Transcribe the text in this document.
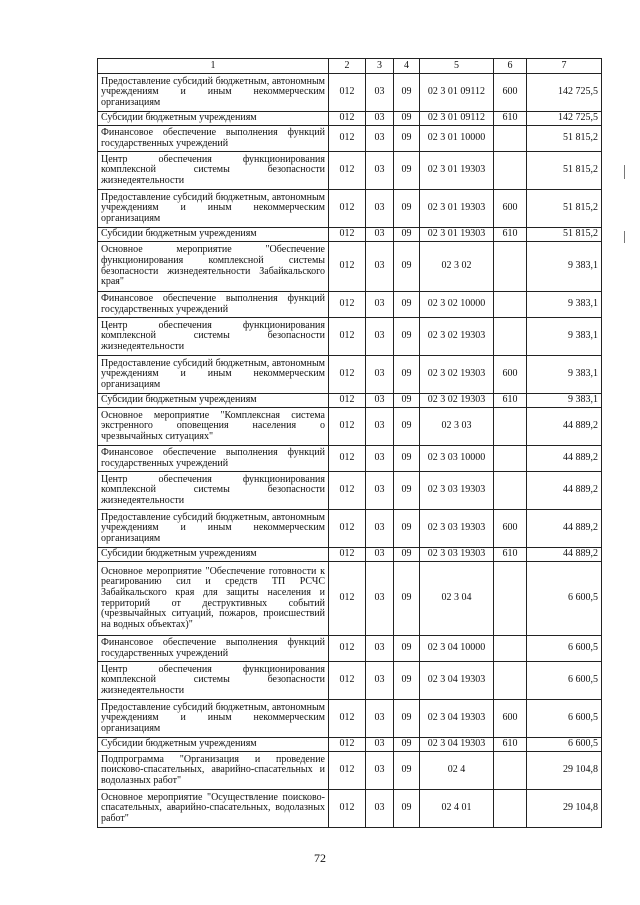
1	2	3	4	5	6	7
Предоставление субсидий бюджетным, автономным учреждениям и иным некоммерческим организациям	012	03	09	02 3 01 09112	600	142 725,5
Субсидии бюджетным учреждениям	012	03	09	02 3 01 09112	610	142 725,5
Финансовое обеспечение выполнения функций государственных учреждений	012	03	09	02 3 01 10000		51 815,2
Центр обеспечения функционирования комплексной системы безопасности жизнедеятельности	012	03	09	02 3 01 19303		51 815,2
Предоставление субсидий бюджетным, автономным учреждениям и иным некоммерческим организациям	012	03	09	02 3 01 19303	600	51 815,2
Субсидии бюджетным учреждениям	012	03	09	02 3 01 19303	610	51 815,2
Основное мероприятие "Обеспечение функционирования комплексной системы безопасности жизнедеятельности Забайкальского края"	012	03	09	02 3 02		9 383,1
Финансовое обеспечение выполнения функций государственных учреждений	012	03	09	02 3 02 10000		9 383,1
Центр обеспечения функционирования комплексной системы безопасности жизнедеятельности	012	03	09	02 3 02 19303		9 383,1
Предоставление субсидий бюджетным, автономным учреждениям и иным некоммерческим организациям	012	03	09	02 3 02 19303	600	9 383,1
Субсидии бюджетным учреждениям	012	03	09	02 3 02 19303	610	9 383,1
Основное мероприятие "Комплексная система экстренного оповещения населения о чрезвычайных ситуациях"	012	03	09	02 3 03		44 889,2
Финансовое обеспечение выполнения функций государственных учреждений	012	03	09	02 3 03 10000		44 889,2
Центр обеспечения функционирования комплексной системы безопасности жизнедеятельности	012	03	09	02 3 03 19303		44 889,2
Предоставление субсидий бюджетным, автономным учреждениям и иным некоммерческим организациям	012	03	09	02 3 03 19303	600	44 889,2
Субсидии бюджетным учреждениям	012	03	09	02 3 03 19303	610	44 889,2
Основное мероприятие "Обеспечение готовности к реагированию сил и средств ТП РСЧС Забайкальского края для защиты населения и территорий от деструктивных событий (чрезвычайных ситуаций, пожаров, происшествий на водных объектах)"	012	03	09	02 3 04		6 600,5
Финансовое обеспечение выполнения функций государственных учреждений	012	03	09	02 3 04 10000		6 600,5
Центр обеспечения функционирования комплексной системы безопасности жизнедеятельности	012	03	09	02 3 04 19303		6 600,5
Предоставление субсидий бюджетным, автономным учреждениям и иным некоммерческим организациям	012	03	09	02 3 04 19303	600	6 600,5
Субсидии бюджетным учреждениям	012	03	09	02 3 04 19303	610	6 600,5
Подпрограмма "Организация и проведение поисково-спасательных, аварийно-спасательных и водолазных работ"	012	03	09	02 4		29 104,8
Основное мероприятие "Осуществление поисково-спасательных, аварийно-спасательных, водолазных работ"	012	03	09	02 4 01		29 104,8
72
